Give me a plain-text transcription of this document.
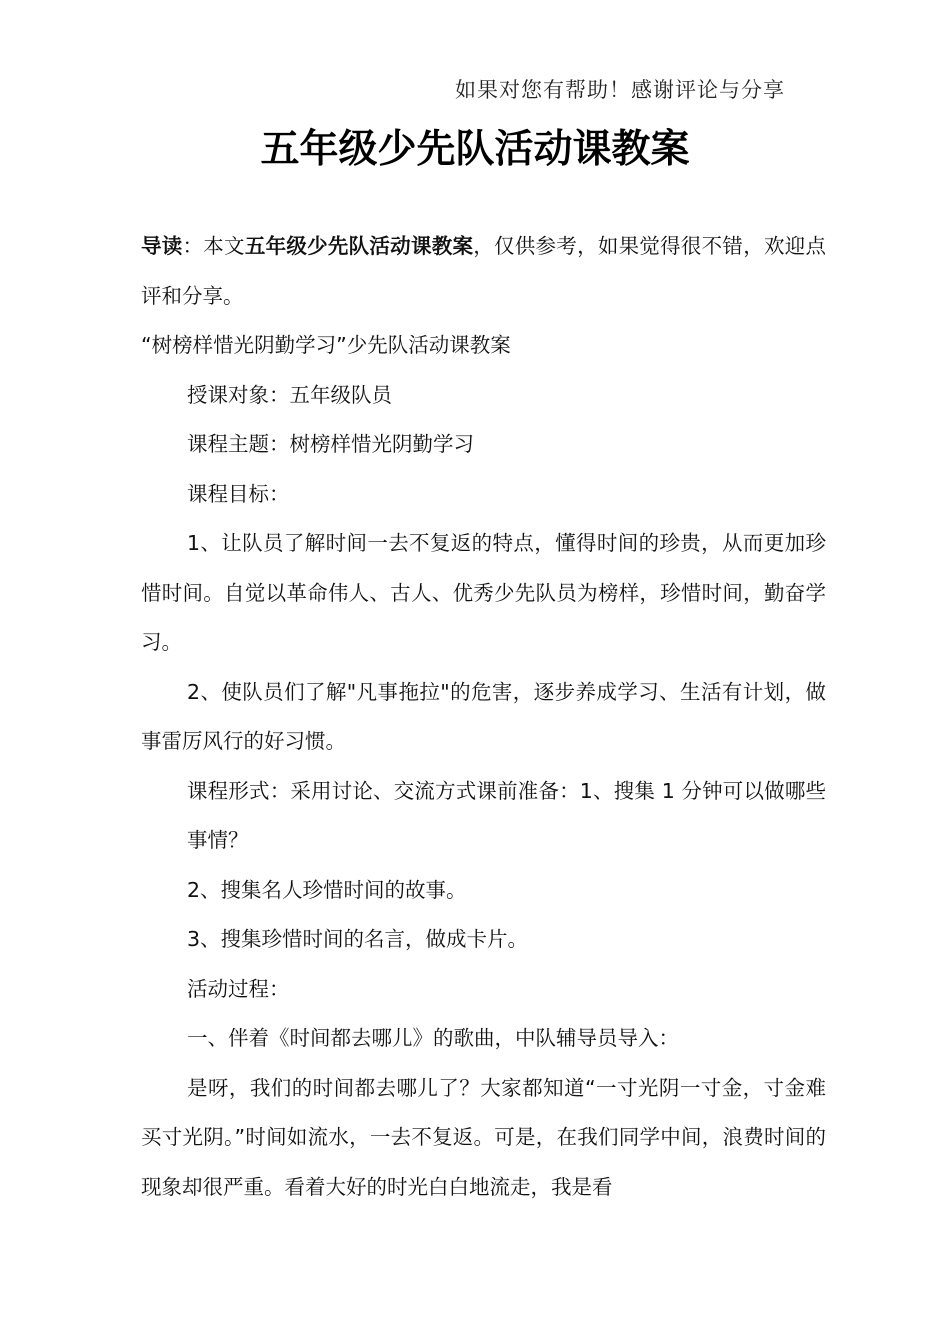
如果对您有帮助！感谢评论与分享
五年级少先队活动课教案

导读：本文五年级少先队活动课教案，仅供参考，如果觉得很不错，欢迎点评和分享。

“树榜样惜光阴勤学习”少先队活动课教案

授课对象：五年级队员

课程主题：树榜样惜光阴勤学习

课程目标：

1、让队员了解时间一去不复返的特点，懂得时间的珍贵，从而更加珍惜时间。自觉以革命伟人、古人、优秀少先队员为榜样，珍惜时间，勤奋学习。

2、使队员们了解"凡事拖拉"的危害，逐步养成学习、生活有计划，做事雷厉风行的好习惯。

课程形式：采用讨论、交流方式课前准备：1、搜集 1 分钟可以做哪些事情？

2、搜集名人珍惜时间的故事。

3、搜集珍惜时间的名言，做成卡片。

活动过程：

一、伴着《时间都去哪儿》的歌曲，中队辅导员导入：

是呀，我们的时间都去哪儿了？大家都知道“一寸光阴一寸金，寸金难买寸光阴。”时间如流水，一去不复返。可是，在我们同学中间，浪费时间的现象却很严重。看着大好的时光白白地流走，我是看
